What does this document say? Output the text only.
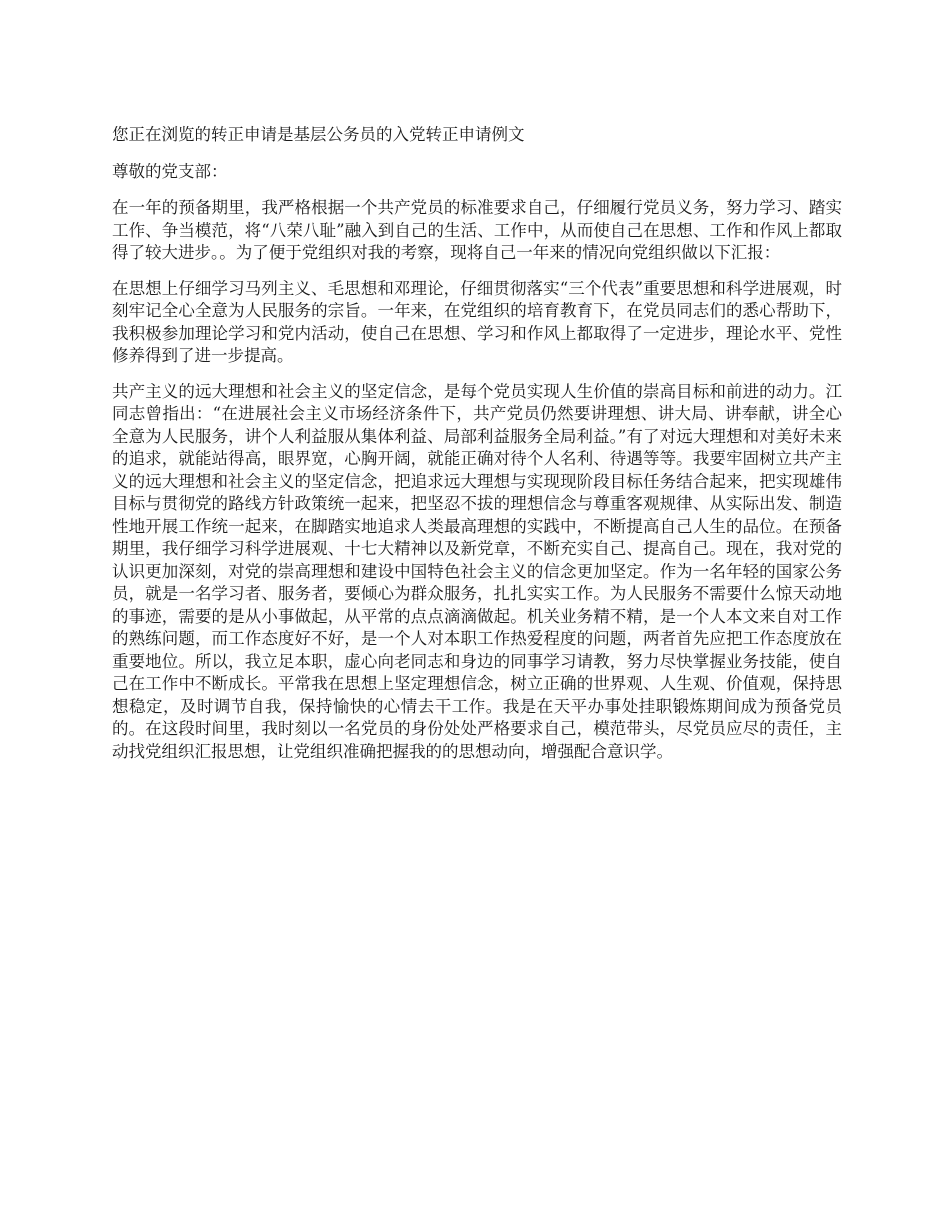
您正在浏览的转正申请是基层公务员的入党转正申请例文

尊敬的党支部：

在一年的预备期里，我严格根据一个共产党员的标准要求自己，仔细履行党员义务，努力学习、踏实工作、争当模范，将“八荣八耻”融入到自己的生活、工作中，从而使自己在思想、工作和作风上都取得了较大进步。。为了便于党组织对我的考察，现将自己一年来的情况向党组织做以下汇报：

在思想上仔细学习马列主义、毛思想和邓理论，仔细贯彻落实“三个代表”重要思想和科学进展观，时刻牢记全心全意为人民服务的宗旨。一年来，在党组织的培育教育下，在党员同志们的悉心帮助下，我积极参加理论学习和党内活动，使自己在思想、学习和作风上都取得了一定进步，理论水平、党性修养得到了进一步提高。

共产主义的远大理想和社会主义的坚定信念，是每个党员实现人生价值的崇高目标和前进的动力。江同志曾指出：“在进展社会主义市场经济条件下，共产党员仍然要讲理想、讲大局、讲奉献，讲全心全意为人民服务，讲个人利益服从集体利益、局部利益服务全局利益。”有了对远大理想和对美好未来的追求，就能站得高，眼界宽，心胸开阔，就能正确对待个人名利、待遇等等。我要牢固树立共产主义的远大理想和社会主义的坚定信念，把追求远大理想与实现现阶段目标任务结合起来，把实现雄伟目标与贯彻党的路线方针政策统一起来，把坚忍不拔的理想信念与尊重客观规律、从实际出发、制造性地开展工作统一起来，在脚踏实地追求人类最高理想的实践中，不断提高自己人生的品位。在预备期里，我仔细学习科学进展观、十七大精神以及新党章，不断充实自己、提高自己。现在，我对党的认识更加深刻，对党的崇高理想和建设中国特色社会主义的信念更加坚定。作为一名年轻的国家公务员，就是一名学习者、服务者，要倾心为群众服务，扎扎实实工作。为人民服务不需要什么惊天动地的事迹，需要的是从小事做起，从平常的点点滴滴做起。机关业务精不精，是一个人本文来自对工作的熟练问题，而工作态度好不好，是一个人对本职工作热爱程度的问题，两者首先应把工作态度放在重要地位。所以，我立足本职，虚心向老同志和身边的同事学习请教，努力尽快掌握业务技能，使自己在工作中不断成长。平常我在思想上坚定理想信念，树立正确的世界观、人生观、价值观，保持思想稳定，及时调节自我，保持愉快的心情去干工作。我是在天平办事处挂职锻炼期间成为预备党员的。在这段时间里，我时刻以一名党员的身份处处严格要求自己，模范带头，尽党员应尽的责任，主动找党组织汇报思想，让党组织准确把握我的的思想动向，增强配合意识学。
